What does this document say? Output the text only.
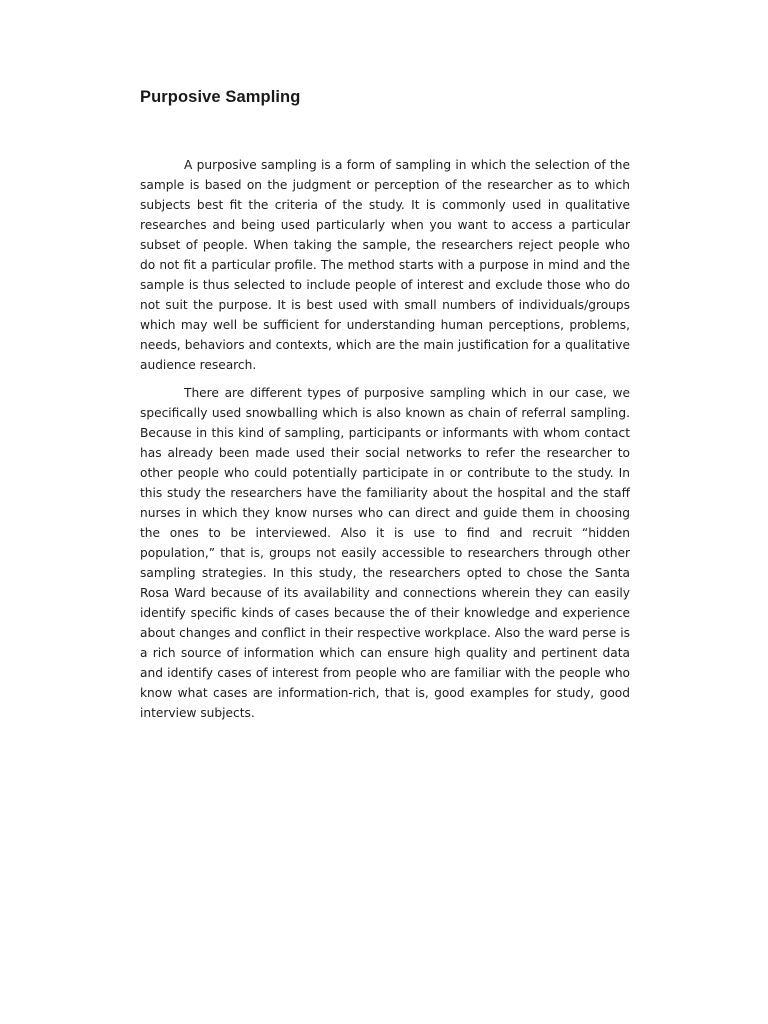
Purposive Sampling

A purposive sampling is a form of sampling in which the selection of the sample is based on the judgment or perception of the researcher as to which subjects best fit the criteria of the study. It is commonly used in qualitative researches and being used particularly when you want to access a particular subset of people. When taking the sample, the researchers reject people who do not fit a particular profile. The method starts with a purpose in mind and the sample is thus selected to include people of interest and exclude those who do not suit the purpose. It is best used with small numbers of individuals/groups which may well be sufficient for understanding human perceptions, problems, needs, behaviors and contexts, which are the main justification for a qualitative audience research.

There are different types of purposive sampling which in our case, we specifically used snowballing which is also known as chain of referral sampling. Because in this kind of sampling, participants or informants with whom contact has already been made used their social networks to refer the researcher to other people who could potentially participate in or contribute to the study. In this study the researchers have the familiarity about the hospital and the staff nurses in which they know nurses who can direct and guide them in choosing the ones to be interviewed. Also it is use to find and recruit “hidden population,” that is, groups not easily accessible to researchers through other sampling strategies. In this study, the researchers opted to chose the Santa Rosa Ward because of its availability and connections wherein they can easily identify specific kinds of cases because the of their knowledge and experience about changes and conflict in their respective workplace. Also the ward perse is a rich source of information which can ensure high quality and pertinent data and identify cases of interest from people who are familiar with the people who know what cases are information-rich, that is, good examples for study, good interview subjects.
